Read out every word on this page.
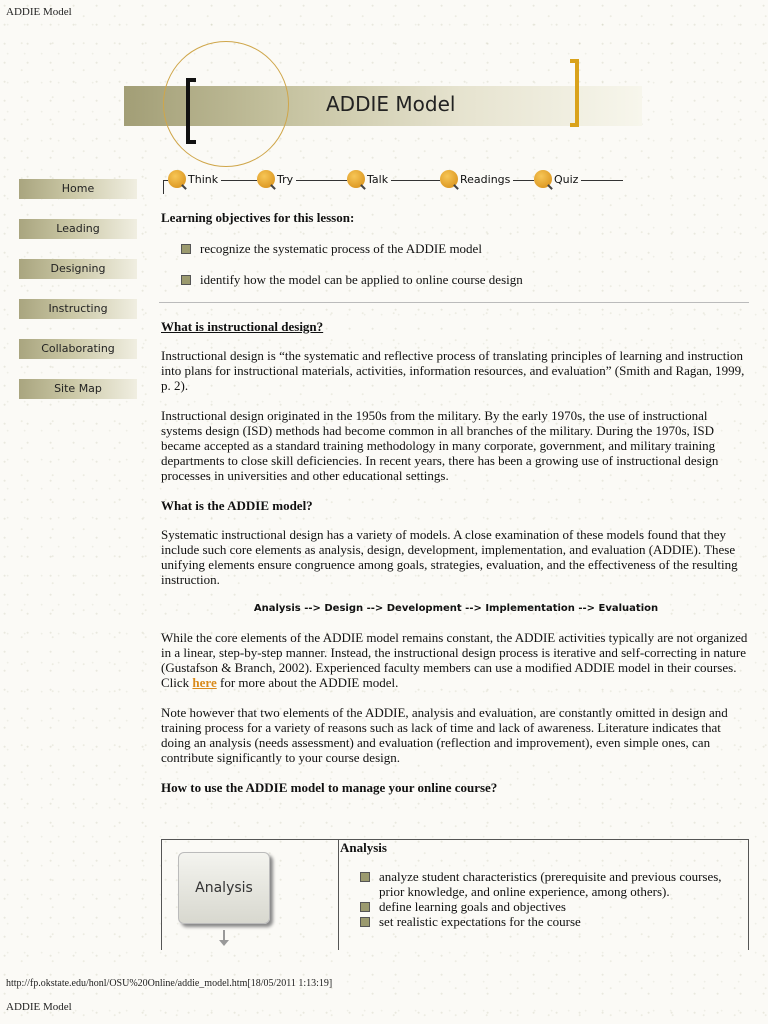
ADDIE Model
ADDIE Model
Think	Try	Talk	Readings	Quiz
Home
Leading
Designing
Instructing
Collaborating
Site Map

Learning objectives for this lesson:

recognize the systematic process of the ADDIE model
identify how the model can be applied to online course design

What is instructional design?

Instructional design is “the systematic and reflective process of translating principles of learning and instruction into plans for instructional materials, activities, information resources, and evaluation” (Smith and Ragan, 1999, p. 2).

Instructional design originated in the 1950s from the military. By the early 1970s, the use of instructional systems design (ISD) methods had become common in all branches of the military. During the 1970s, ISD became accepted as a standard training methodology in many corporate, government, and military training departments to close skill deficiencies. In recent years, there has been a growing use of instructional design processes in universities and other educational settings.

What is the ADDIE model?

Systematic instructional design has a variety of models. A close examination of these models found that they include such core elements as analysis, design, development, implementation, and evaluation (ADDIE). These unifying elements ensure congruence among goals, strategies, evaluation, and the effectiveness of the resulting instruction.

Analysis --> Design --> Development --> Implementation --> Evaluation

While the core elements of the ADDIE model remains constant, the ADDIE activities typically are not organized in a linear, step-by-step manner. Instead, the instructional design process is iterative and self-correcting in nature (Gustafson & Branch, 2002). Experienced faculty members can use a modified ADDIE model in their courses. Click here for more about the ADDIE model.

Note however that two elements of the ADDIE, analysis and evaluation, are constantly omitted in design and training process for a variety of reasons such as lack of time and lack of awareness. Literature indicates that

doing an analysis (needs assessment) and evaluation (reflection and improvement), even simple ones, can contribute significantly to your course design.

How to use the ADDIE model to manage your online course?

Analysis

Analysis

analyze student characteristics (prerequisite and previous courses, prior knowledge, and online experience, among others).
define learning goals and objectives
set realistic expectations for the course
http://fp.okstate.edu/honl/OSU%20Online/addie_model.htm[18/05/2011 1:13:19]
ADDIE Model
